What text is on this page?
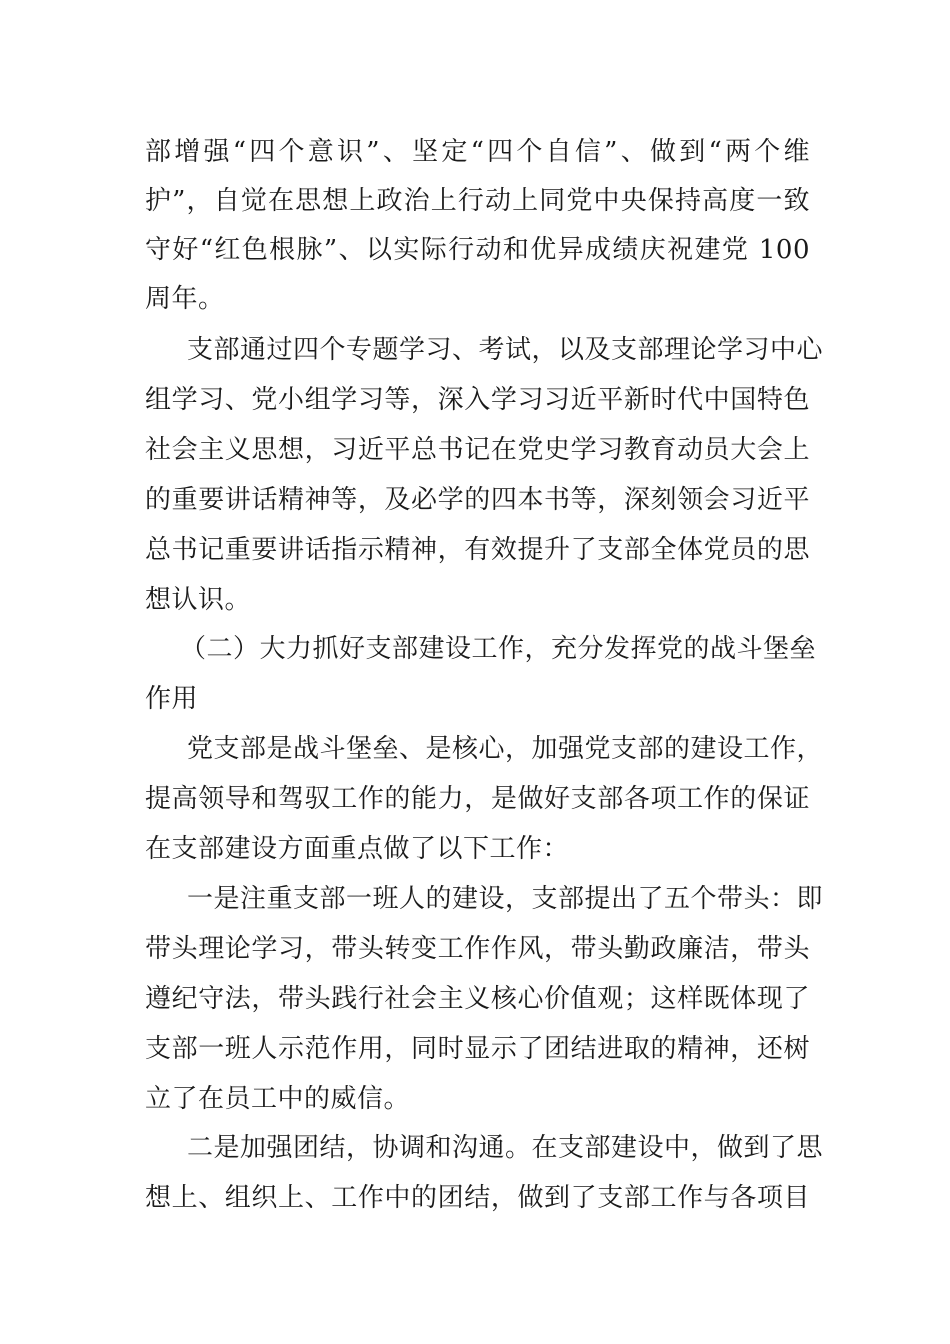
部增强“四个意识”、坚定“四个自信”、做到“两个维
护”，自觉在思想上政治上行动上同党中央保持高度一致
守好“红色根脉”、以实际行动和优异成绩庆祝建党 100
周年。
支部通过四个专题学习、考试，以及支部理论学习中心
组学习、党小组学习等，深入学习习近平新时代中国特色
社会主义思想，习近平总书记在党史学习教育动员大会上
的重要讲话精神等，及必学的四本书等，深刻领会习近平
总书记重要讲话指示精神，有效提升了支部全体党员的思
想认识。
（二）大力抓好支部建设工作，充分发挥党的战斗堡垒
作用
党支部是战斗堡垒、是核心，加强党支部的建设工作，
提高领导和驾驭工作的能力，是做好支部各项工作的保证
在支部建设方面重点做了以下工作：
一是注重支部一班人的建设，支部提出了五个带头：即
带头理论学习，带头转变工作作风，带头勤政廉洁，带头
遵纪守法，带头践行社会主义核心价值观；这样既体现了
支部一班人示范作用，同时显示了团结进取的精神，还树
立了在员工中的威信。
二是加强团结，协调和沟通。在支部建设中，做到了思
想上、组织上、工作中的团结，做到了支部工作与各项目
